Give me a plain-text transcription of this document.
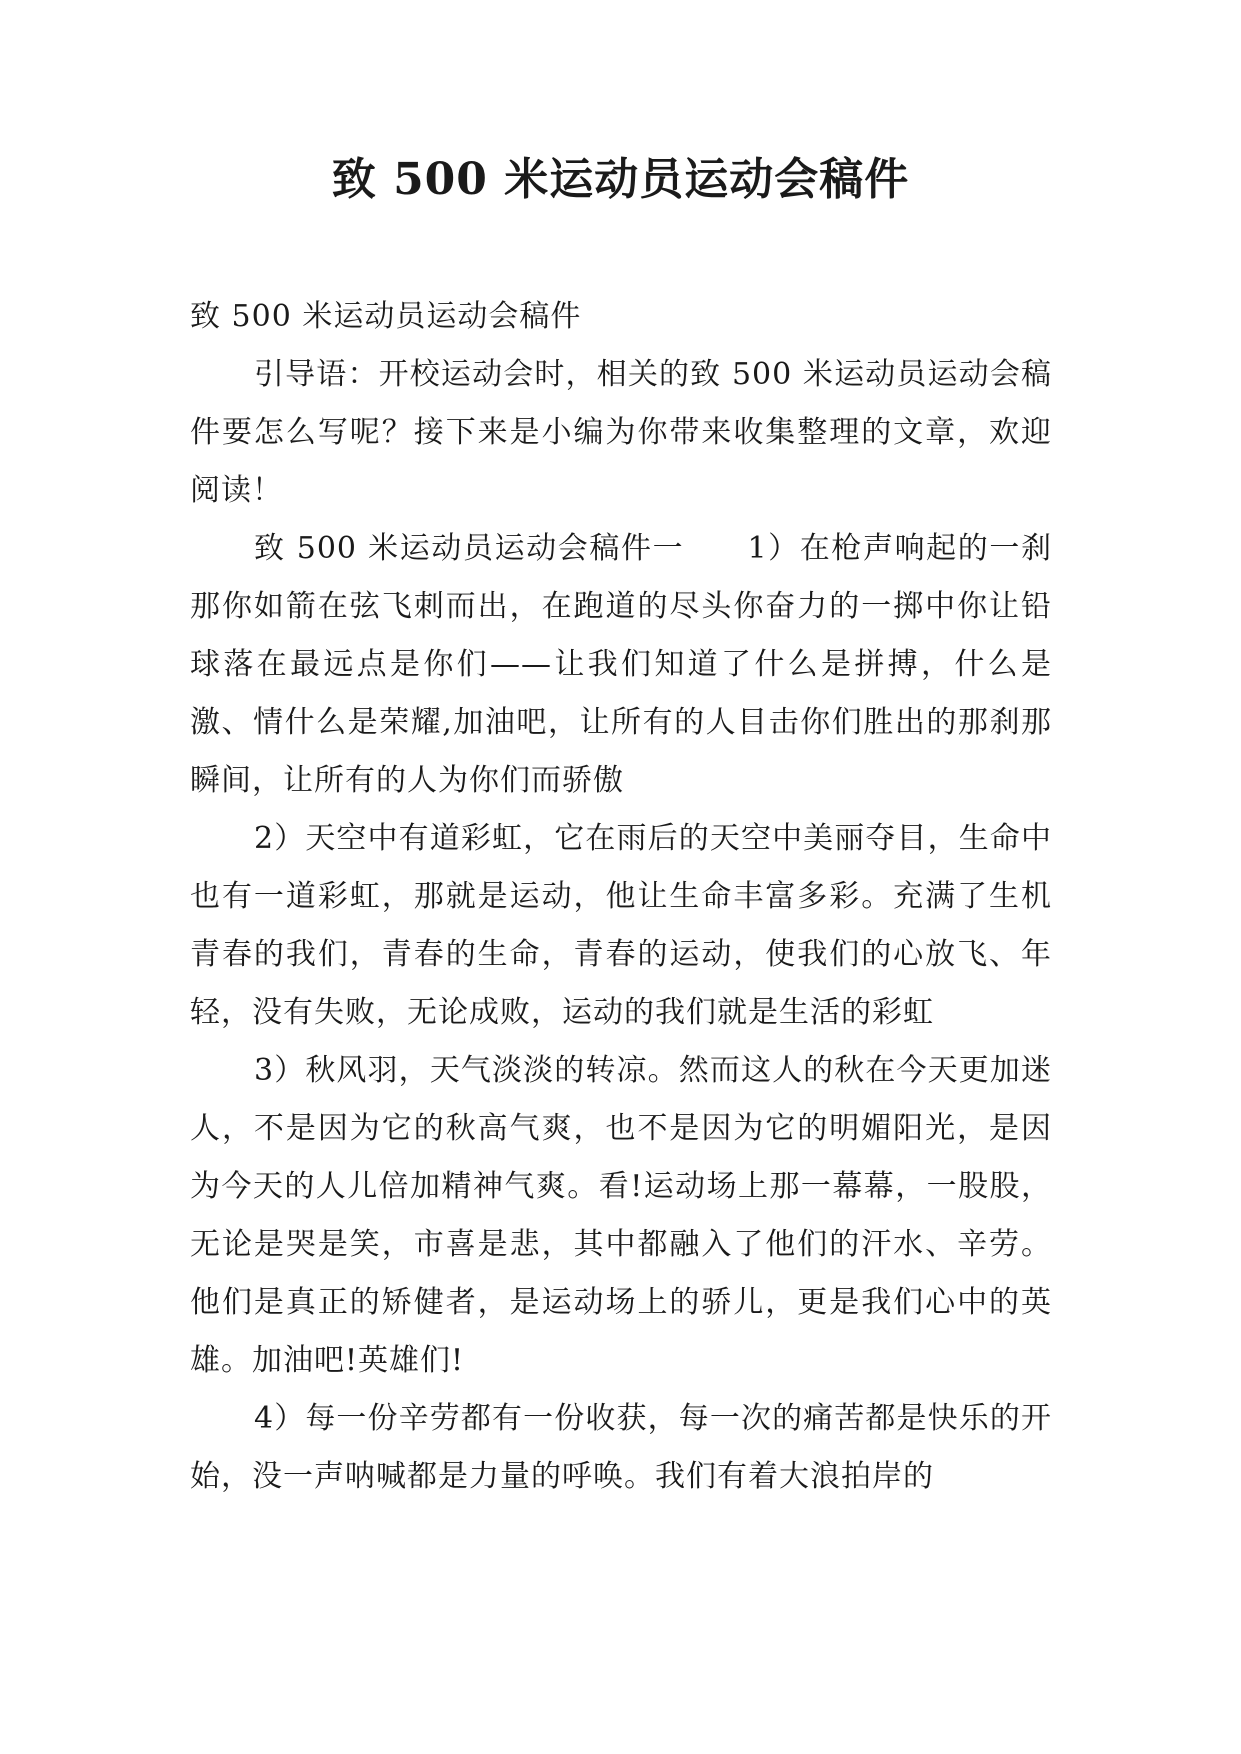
致 500 米运动员运动会稿件

致 500 米运动员运动会稿件

引导语：开校运动会时，相关的致 500 米运动员运动会稿件要怎么写呢？接下来是小编为你带来收集整理的文章，欢迎阅读！

致 500 米运动员运动会稿件一　　1）在枪声响起的一刹那你如箭在弦飞刺而出，在跑道的尽头你奋力的一掷中你让铅球落在最远点是你们——让我们知道了什么是拼搏，什么是激、情什么是荣耀,加油吧，让所有的人目击你们胜出的那刹那瞬间，让所有的人为你们而骄傲

2）天空中有道彩虹，它在雨后的天空中美丽夺目，生命中也有一道彩虹，那就是运动，他让生命丰富多彩。充满了生机青春的我们，青春的生命，青春的运动，使我们的心放飞、年轻，没有失败，无论成败，运动的我们就是生活的彩虹

3）秋风羽，天气淡淡的转凉。然而这人的秋在今天更加迷人，不是因为它的秋高气爽，也不是因为它的明媚阳光，是因为今天的人儿倍加精神气爽。看!运动场上那一幕幕，一股股，无论是哭是笑，市喜是悲，其中都融入了他们的汗水、辛劳。他们是真正的矫健者，是运动场上的骄儿，更是我们心中的英雄。加油吧!英雄们!

4）每一份辛劳都有一份收获，每一次的痛苦都是快乐的开始，没一声呐喊都是力量的呼唤。我们有着大浪拍岸的
